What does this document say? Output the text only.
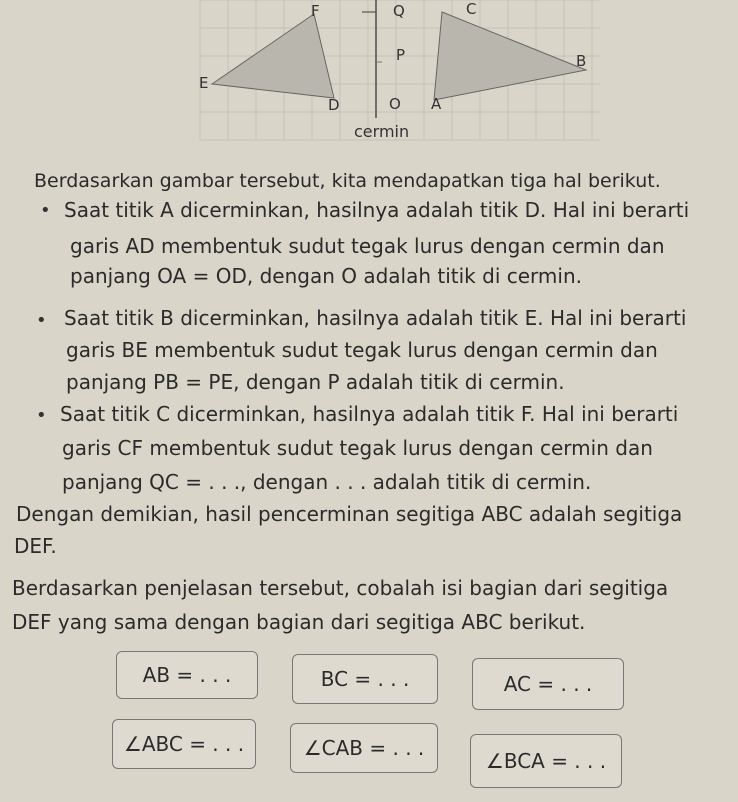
F	Q	C
P	B
E
D	O A
cermin
Berdasarkan gambar tersebut, kita mendapatkan tiga hal berikut.
• Saat titik A dicerminkan, hasilnya adalah titik D. Hal ini berarti
garis AD membentuk sudut tegak lurus dengan cermin dan
panjang OA = OD, dengan O adalah titik di cermin.
• Saat titik B dicerminkan, hasilnya adalah titik E. Hal ini berarti
garis BE membentuk sudut tegak lurus dengan cermin dan
panjang PB = PE, dengan P adalah titik di cermin.
• Saat titik C dicerminkan, hasilnya adalah titik F. Hal ini berarti
garis CF membentuk sudut tegak lurus dengan cermin dan
panjang QC = . . ., dengan . . . adalah titik di cermin.
Dengan demikian, hasil pencerminan segitiga ABC adalah segitiga
DEF.
Berdasarkan penjelasan tersebut, cobalah isi bagian dari segitiga
DEF yang sama dengan bagian dari segitiga ABC berikut.
AB = . . .	BC = . . .	AC = . . .
∠ABC = . . .	∠CAB = . . .
∠BCA = . . .
